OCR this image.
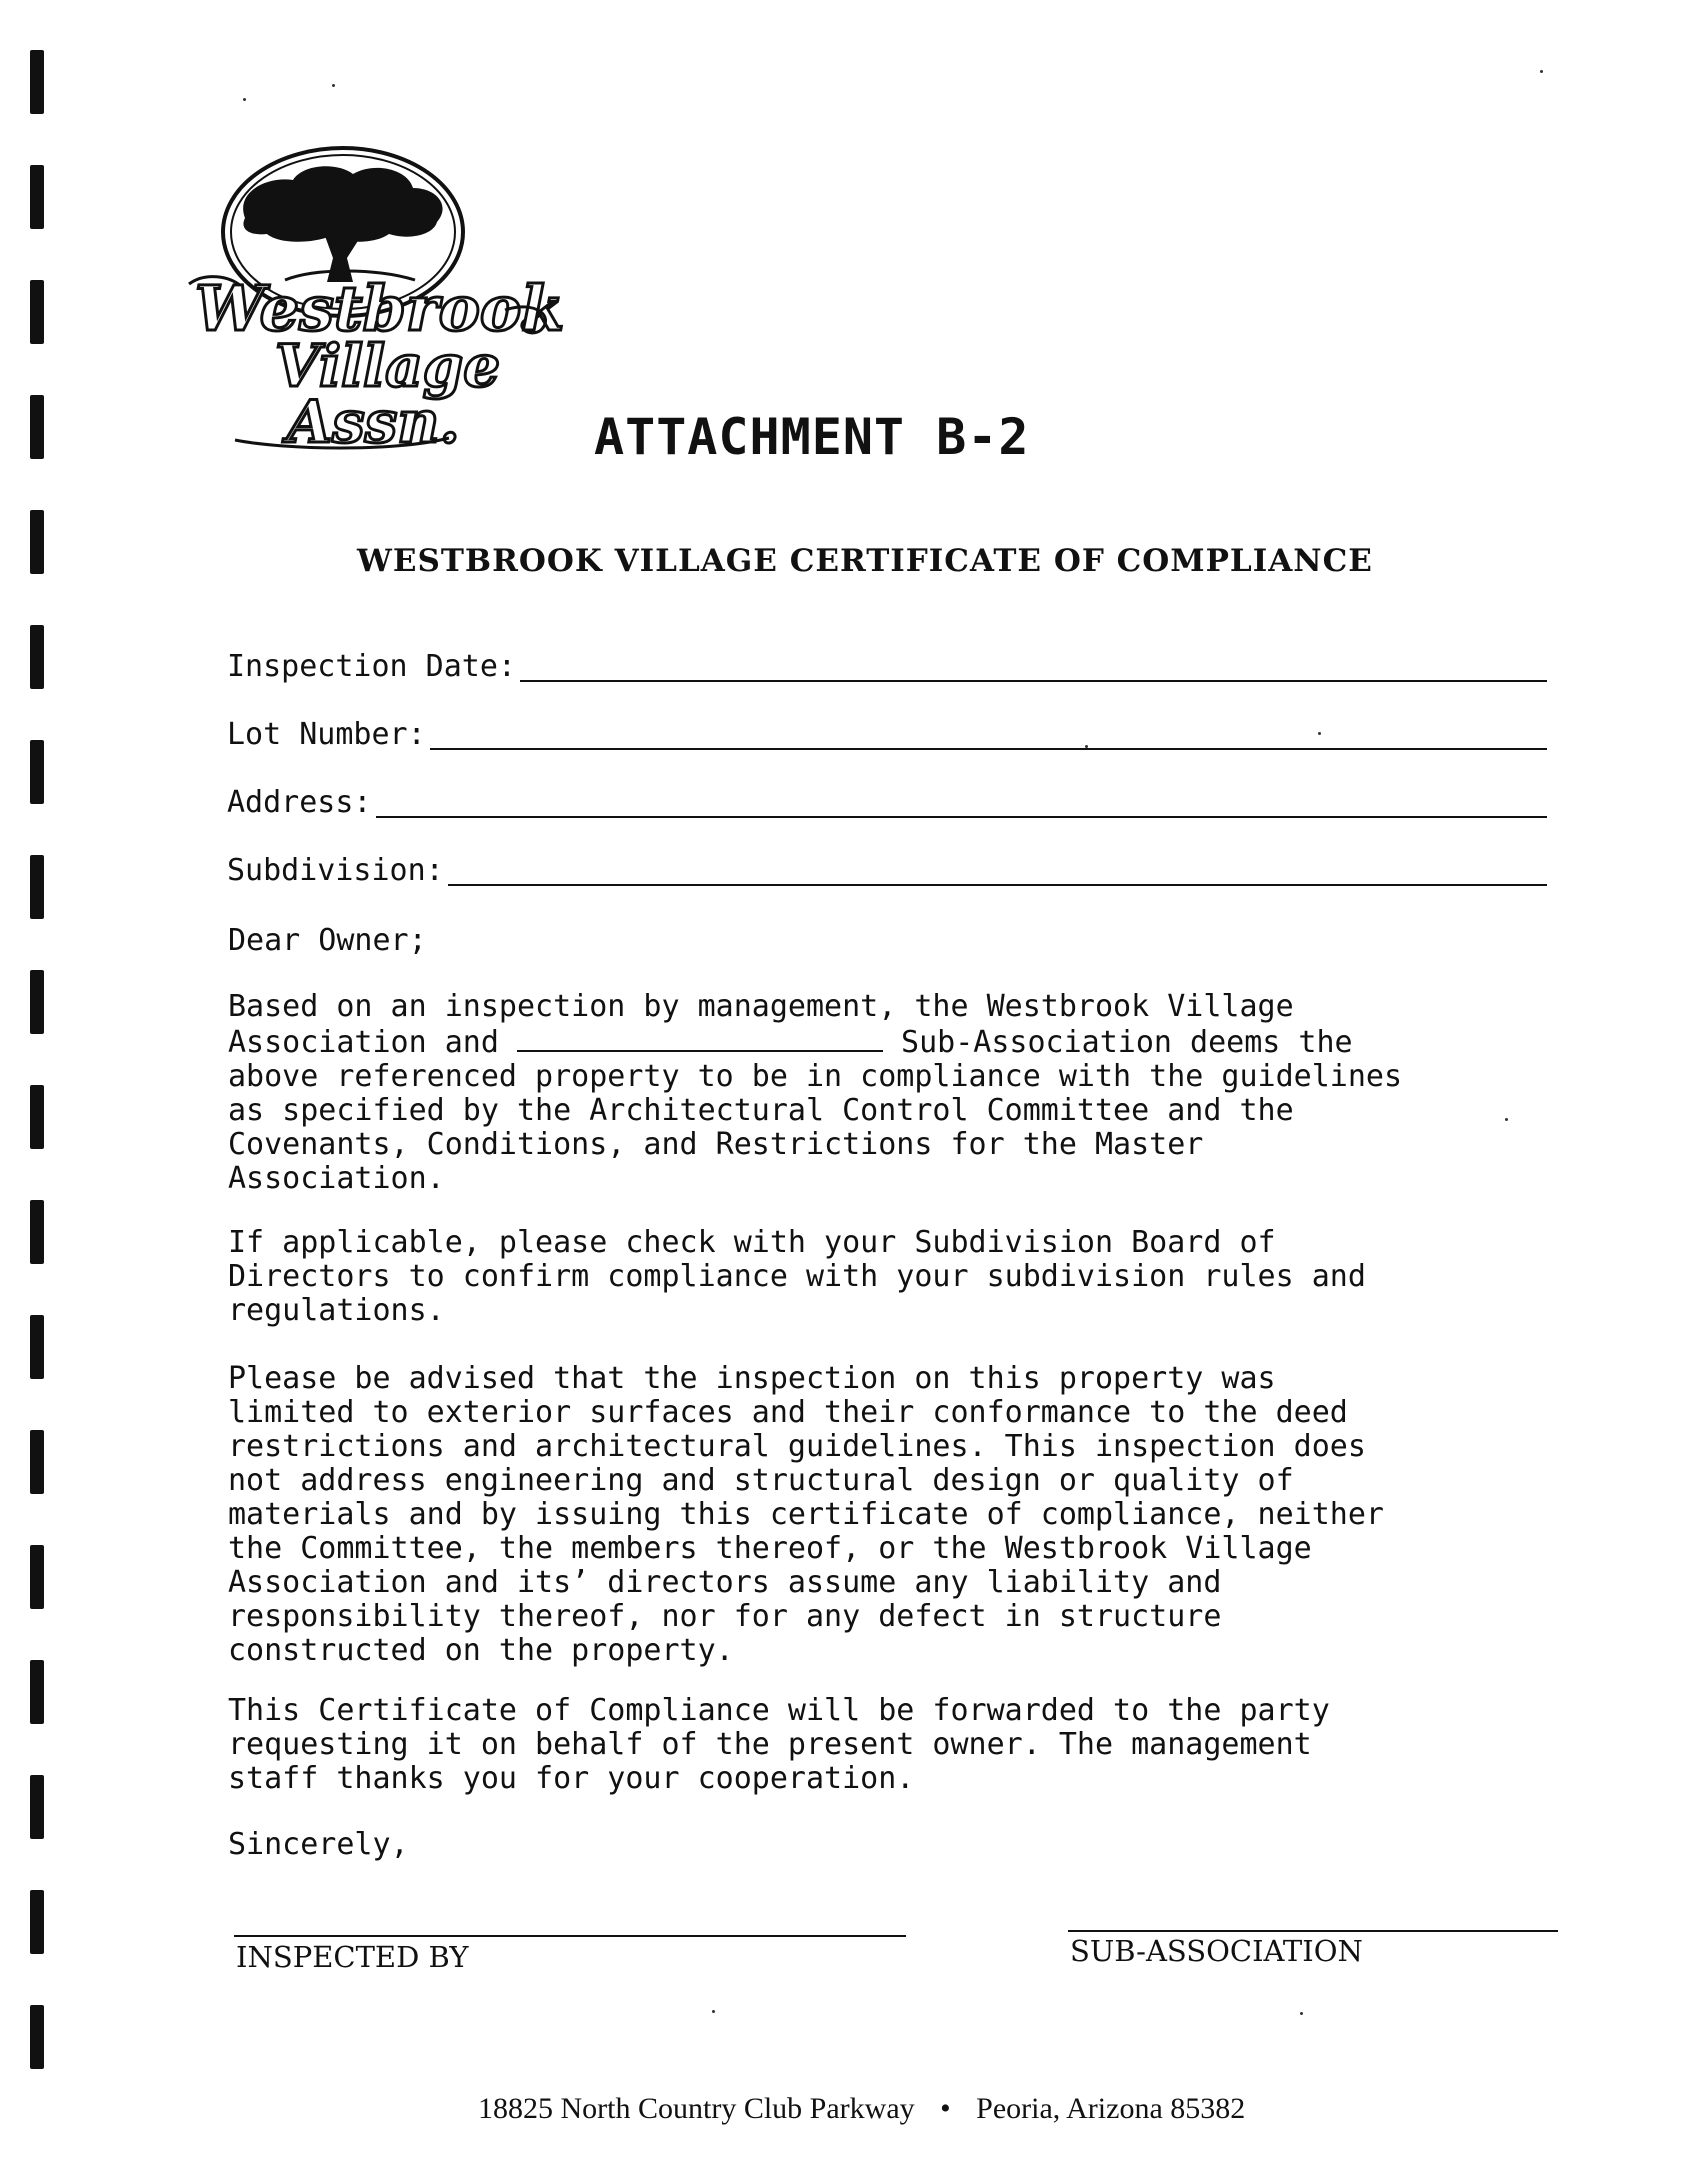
Westbrook
Village
Assn.	ATTACHMENT B-2
WESTBROOK VILLAGE CERTIFICATE OF COMPLIANCE
Inspection Date:
Lot Number:
Address:
Subdivision:
Dear Owner;
Based on an inspection by management, the Westbrook Village
Association and	Sub-Association deems the
above referenced property to be in compliance with the guidelines
as specified by the Architectural Control Committee and the
Covenants, Conditions, and Restrictions for the Master
Association.
If applicable, please check with your Subdivision Board of
Directors to confirm compliance with your subdivision rules and
regulations.
Please be advised that the inspection on this property was
limited to exterior surfaces and their conformance to the deed
restrictions and architectural guidelines. This inspection does
not address engineering and structural design or quality of
materials and by issuing this certificate of compliance, neither
the Committee, the members thereof, or the Westbrook Village
Association and its’ directors assume any liability and
responsibility thereof, nor for any defect in structure
constructed on the property.
This Certificate of Compliance will be forwarded to the party
requesting it on behalf of the present owner. The management
staff thanks you for your cooperation.
Sincerely,
INSPECTED BY	SUB-ASSOCIATION
18825 North Country Club Parkway • Peoria, Arizona 85382
